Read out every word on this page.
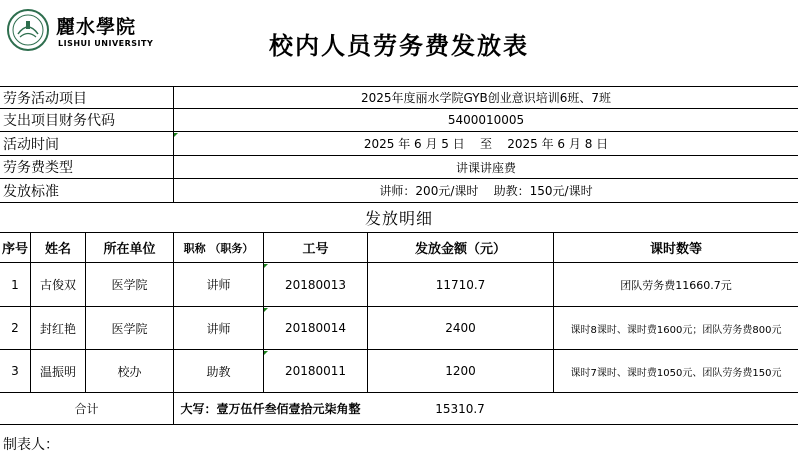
麗水學院
LISHUI UNIVERSITY	校内人员劳务费发放表
劳务活动项目	2025年度丽水学院GYB创业意识培训6班、7班
支出项目财务代码	5400010005
活动时间	2025 年 6 月 5 日    至    2025 年 6 月 8 日
劳务费类型	讲课讲座费
发放标准	讲师：200元/课时    助教：150元/课时
发放明细
序号	姓名	所在单位	职称 （职务）	工号	发放金额（元）	课时数等
1	古俊双	医学院	讲师	20180013	11710.7	团队劳务费11660.7元
2	封红艳	医学院	讲师	20180014	2400	课时8课时、课时费1600元；团队劳务费800元
3	温振明	校办	助教	20180011	1200	课时7课时、课时费1050元、团队劳务费150元
合计	大写：壹万伍仟叁佰壹拾元柒角整	15310.7
制表人：
